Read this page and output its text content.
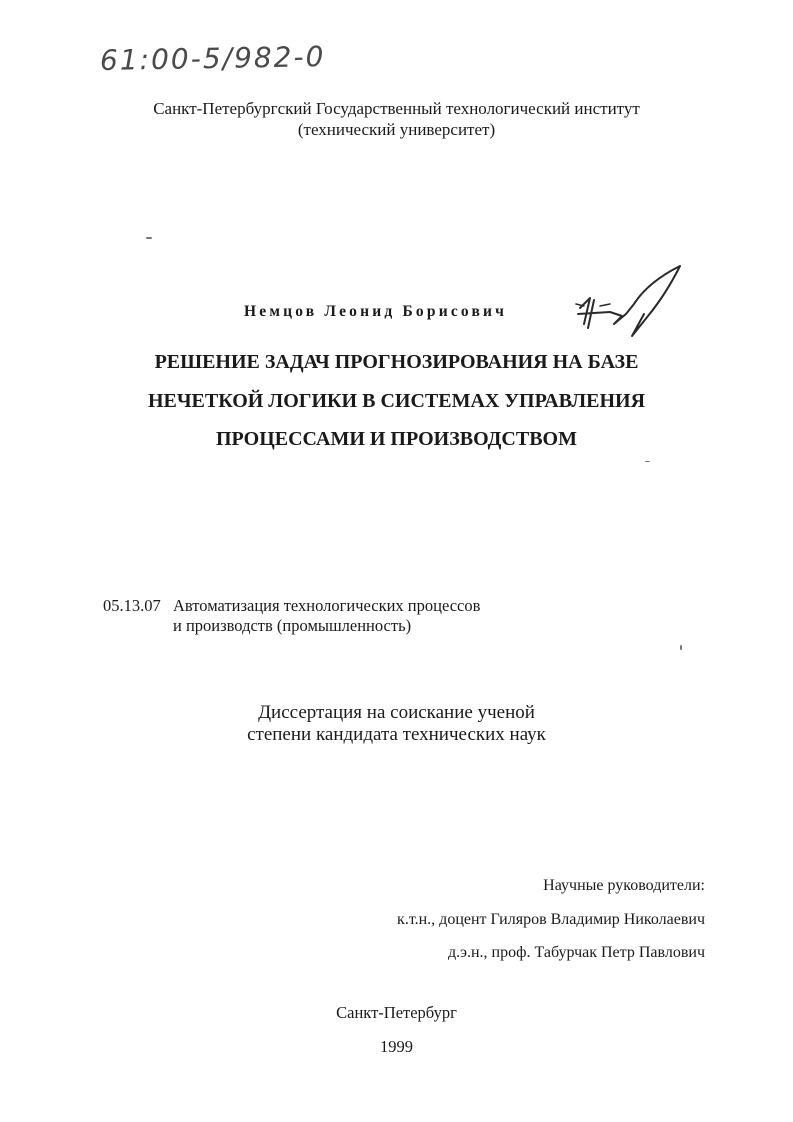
61:00-5/982-0
Санкт-Петербургский Государственный технологический институт
(технический университет)
Немцов Леонид Борисович
РЕШЕНИЕ ЗАДАЧ ПРОГНОЗИРОВАНИЯ НА БАЗЕ
НЕЧЕТКОЙ ЛОГИКИ В СИСТЕМАХ УПРАВЛЕНИЯ
ПРОЦЕССАМИ И ПРОИЗВОДСТВОМ
05.13.07 Автоматизация технологических процессов
и производств (промышленность)
Диссертация на соискание ученой
степени кандидата технических наук
Научные руководители:
к.т.н., доцент Гиляров Владимир Николаевич
д.э.н., проф. Табурчак Петр Павлович
Санкт-Петербург
1999
